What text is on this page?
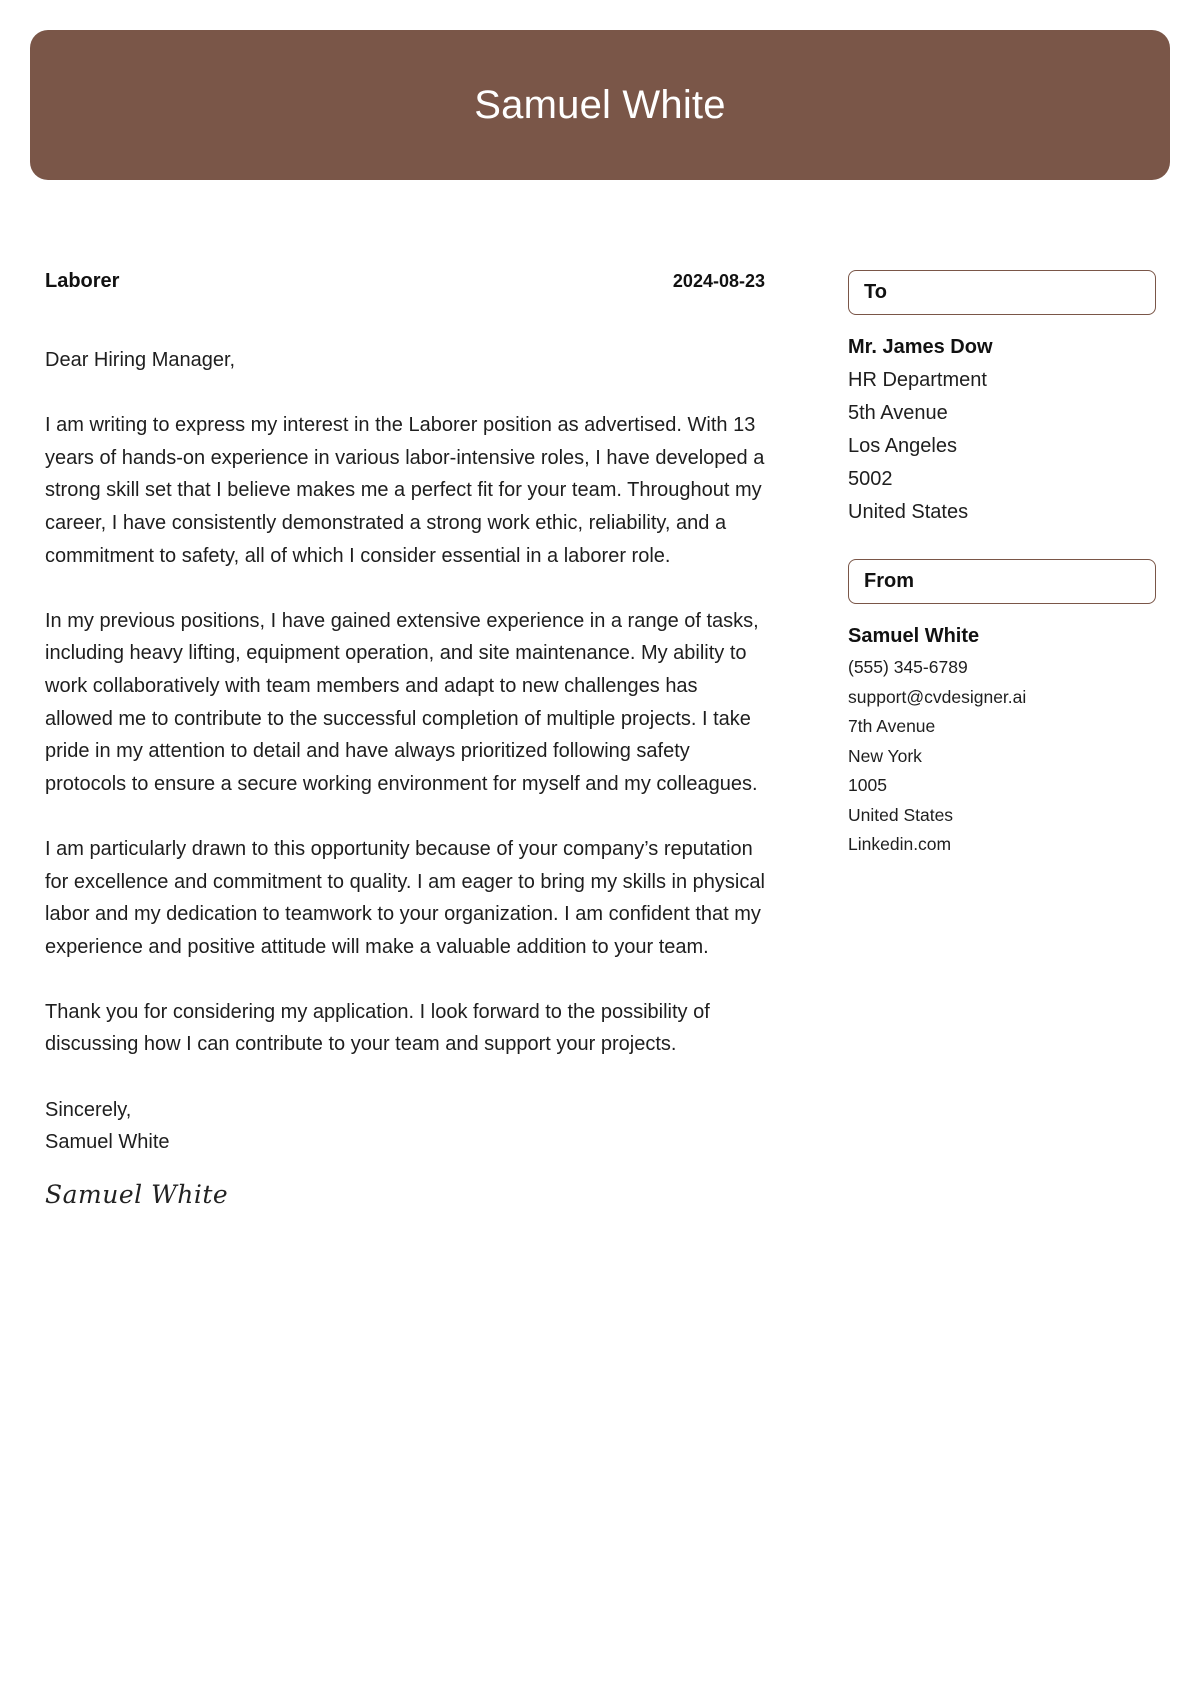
Samuel White
Laborer	2024-08-23

Dear Hiring Manager,

I am writing to express my interest in the Laborer position as advertised. With 13 years of hands-on experience in various labor-intensive roles, I have developed a strong skill set that I believe makes me a perfect fit for your team. Throughout my career, I have consistently demonstrated a strong work ethic, reliability, and a commitment to safety, all of which I consider essential in a laborer role.

In my previous positions, I have gained extensive experience in a range of tasks, including heavy lifting, equipment operation, and site maintenance. My ability to work collaboratively with team members and adapt to new challenges has allowed me to contribute to the successful completion of multiple projects. I take pride in my attention to detail and have always prioritized following safety protocols to ensure a secure working environment for myself and my colleagues.

I am particularly drawn to this opportunity because of your company’s reputation for excellence and commitment to quality. I am eager to bring my skills in physical labor and my dedication to teamwork to your organization. I am confident that my experience and positive attitude will make a valuable addition to your team.

Thank you for considering my application. I look forward to the possibility of discussing how I can contribute to your team and support your projects.

Sincerely,

Samuel White

Samuel White
To
Mr. James Dow
HR Department
5th Avenue
Los Angeles
5002
United States
From
Samuel White
(555) 345-6789
support@cvdesigner.ai
7th Avenue
New York
1005
United States
Linkedin.com
